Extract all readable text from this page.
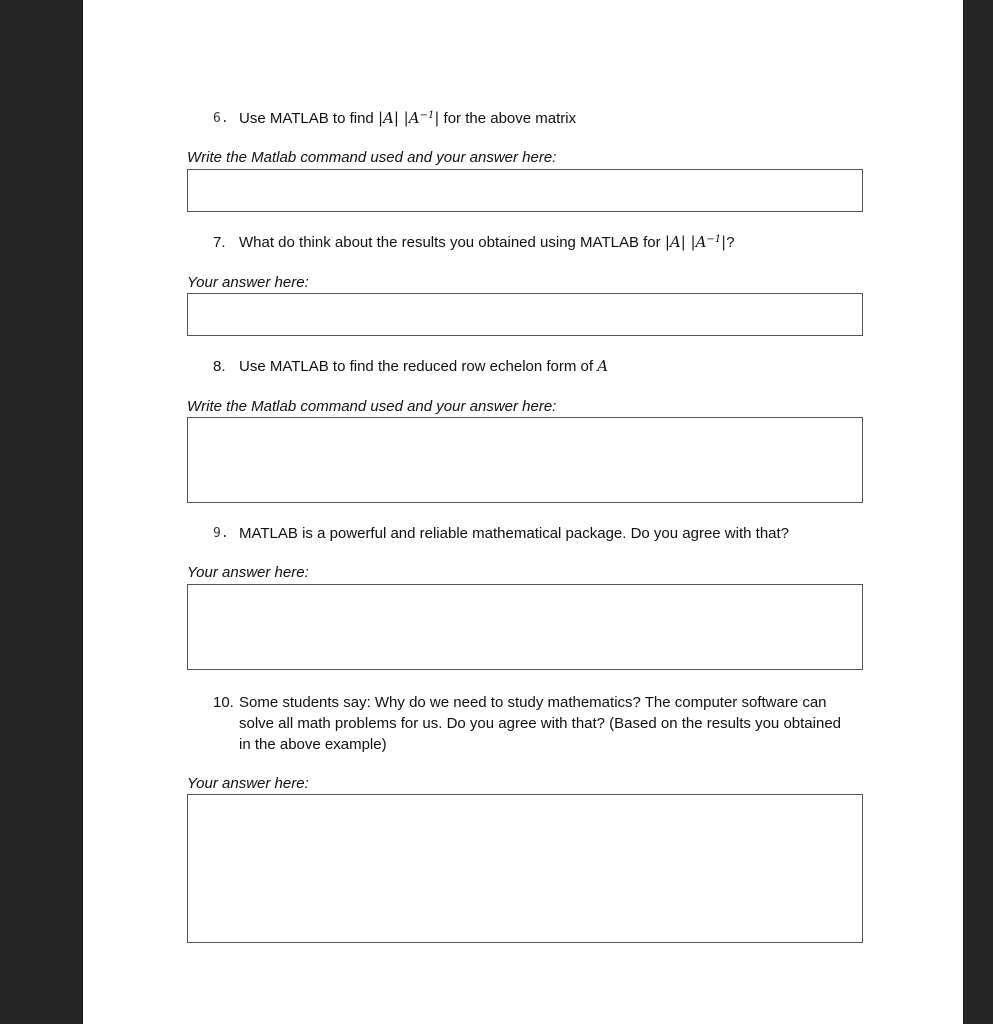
6. Use MATLAB to find |A| $|A^{-1}|$ for the above matrix
Write the Matlab command used and your answer here:
7. What do think about the results you obtained using MATLAB for |A| $|A^{-1}|$?
Your answer here:
8. Use MATLAB to find the reduced row echelon form of A
Write the Matlab command used and your answer here:
9. MATLAB is a powerful and reliable mathematical package. Do you agree with that?
Your answer here:
10. Some students say: Why do we need to study mathematics? The computer software can solve all math problems for us. Do you agree with that? (Based on the results you obtained in the above example)
Your answer here:
